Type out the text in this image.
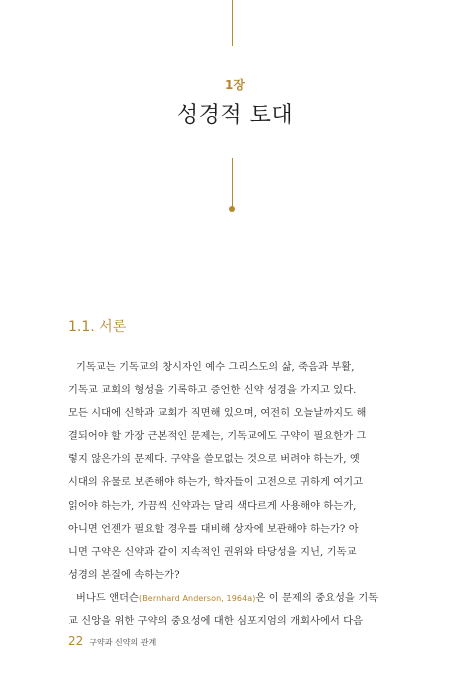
1장
성경적 토대
1.1. 서론

기독교는 기독교의 창시자인 예수 그리스도의 삶, 죽음과 부활,
기독교 교회의 형성을 기록하고 증언한 신약 성경을 가지고 있다.
모든 시대에 신학과 교회가 직면해 있으며, 여전히 오늘날까지도 해
결되어야 할 가장 근본적인 문제는, 기독교에도 구약이 필요한가 그
렇지 않은가의 문제다. 구약을 쓸모없는 것으로 버려야 하는가, 옛
시대의 유물로 보존해야 하는가, 학자들이 고전으로 귀하게 여기고
읽어야 하는가, 가끔씩 신약과는 달리 색다르게 사용해야 하는가,
아니면 언젠가 필요할 경우를 대비해 상자에 보관해야 하는가? 아
니면 구약은 신약과 같이 지속적인 권위와 타당성을 지닌, 기독교
성경의 본질에 속하는가?

버나드 앤더슨(Bernhard Anderson, 1964a)은 이 문제의 중요성을 기독
교 신앙을 위한 구약의 중요성에 대한 심포지엄의 개회사에서 다음

22 구약과 신약의 관계
